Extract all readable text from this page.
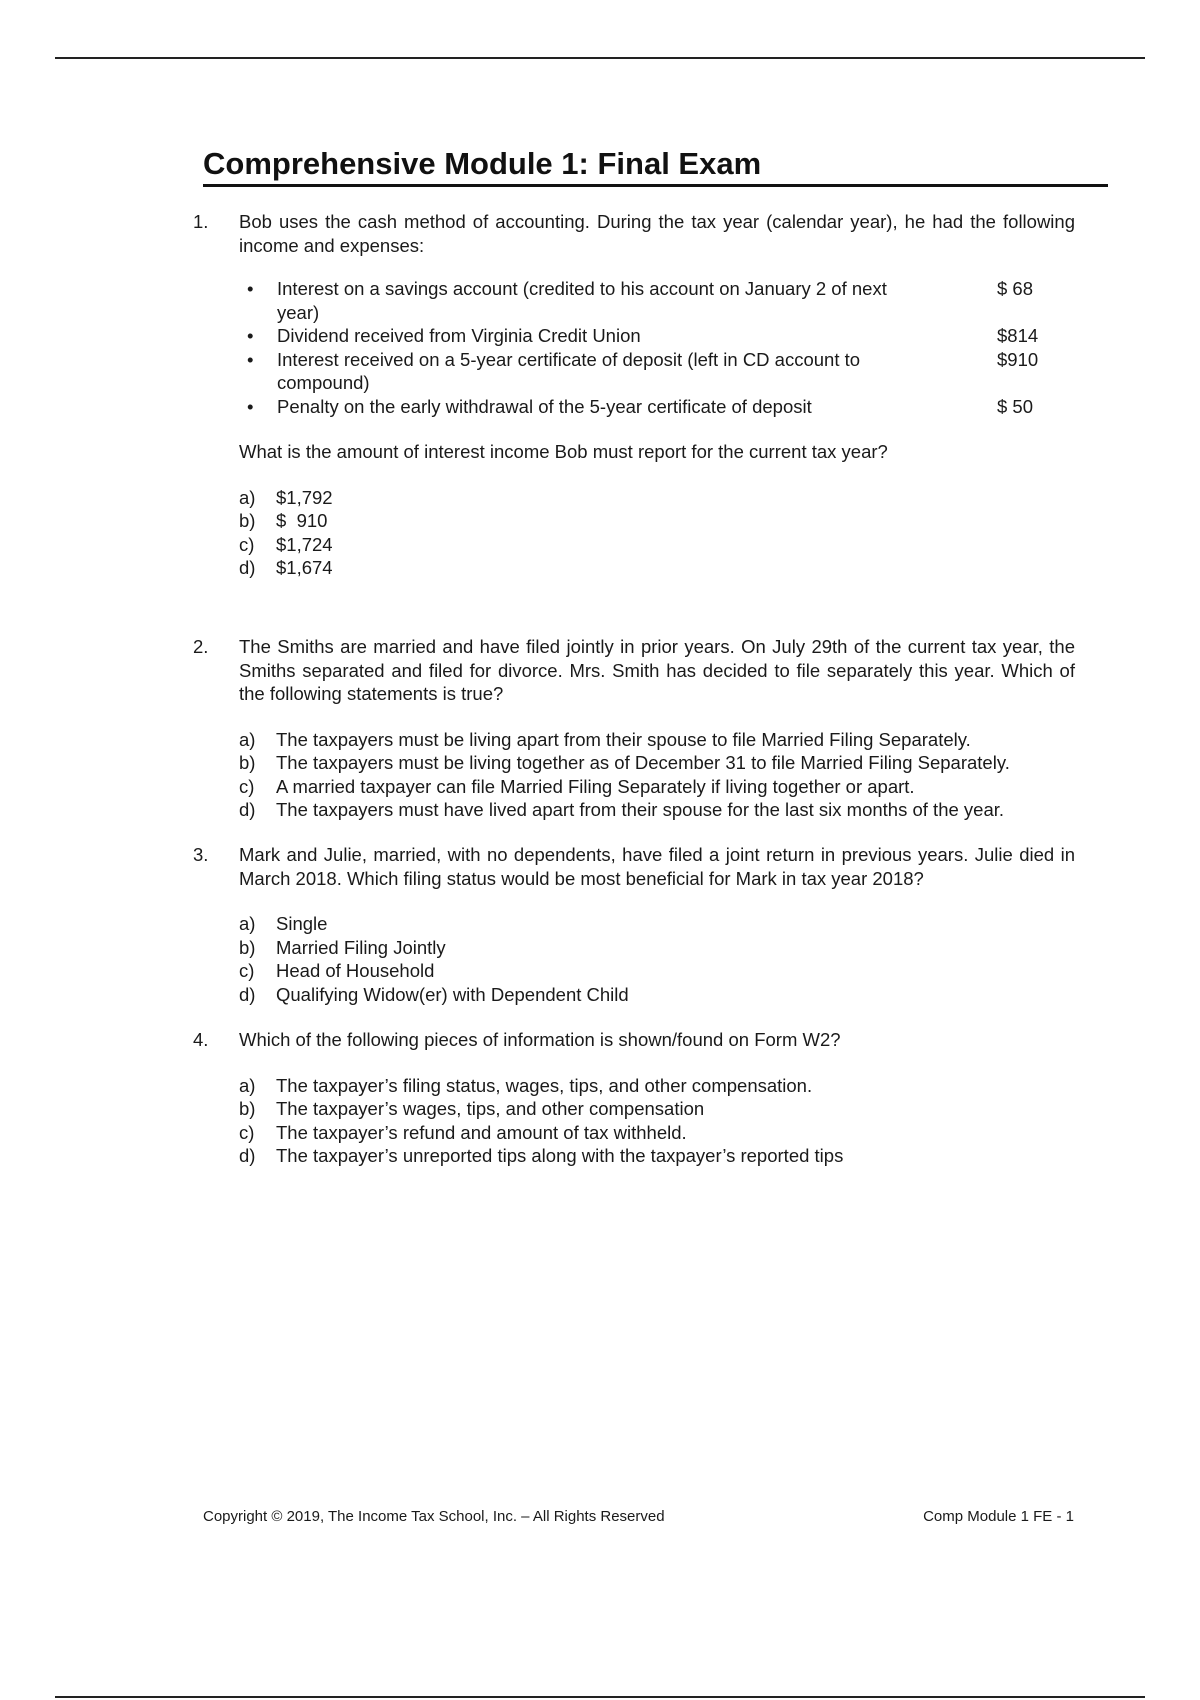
Comprehensive Module 1: Final Exam
1. Bob uses the cash method of accounting. During the tax year (calendar year), he had the following income and expenses:
• Interest on a savings account (credited to his account on January 2 of next year)
$ 68
• Dividend received from Virginia Credit Union	$814
• Interest received on a 5-year certificate of deposit (left in CD account to compound)
$910
• Penalty on the early withdrawal of the 5-year certificate of deposit	$ 50
What is the amount of interest income Bob must report for the current tax year?
a) $1,792
b) $  910
c) $1,724
d) $1,674
2. The Smiths are married and have filed jointly in prior years. On July 29th of the current tax year, the Smiths separated and filed for divorce. Mrs. Smith has decided to file separately this year. Which of the following statements is true?
a) The taxpayers must be living apart from their spouse to file Married Filing Separately.
b) The taxpayers must be living together as of December 31 to file Married Filing Separately.
c) A married taxpayer can file Married Filing Separately if living together or apart.
d) The taxpayers must have lived apart from their spouse for the last six months of the year.
3. Mark and Julie, married, with no dependents, have filed a joint return in previous years. Julie died in March 2018. Which filing status would be most beneficial for Mark in tax year 2018?
a) Single
b) Married Filing Jointly
c) Head of Household
d) Qualifying Widow(er) with Dependent Child
4. Which of the following pieces of information is shown/found on Form W2?
a) The taxpayer’s filing status, wages, tips, and other compensation.
b) The taxpayer’s wages, tips, and other compensation
c) The taxpayer’s refund and amount of tax withheld.
d) The taxpayer’s unreported tips along with the taxpayer’s reported tips
Copyright © 2019, The Income Tax School, Inc. – All Rights Reserved	Comp Module 1 FE - 1
